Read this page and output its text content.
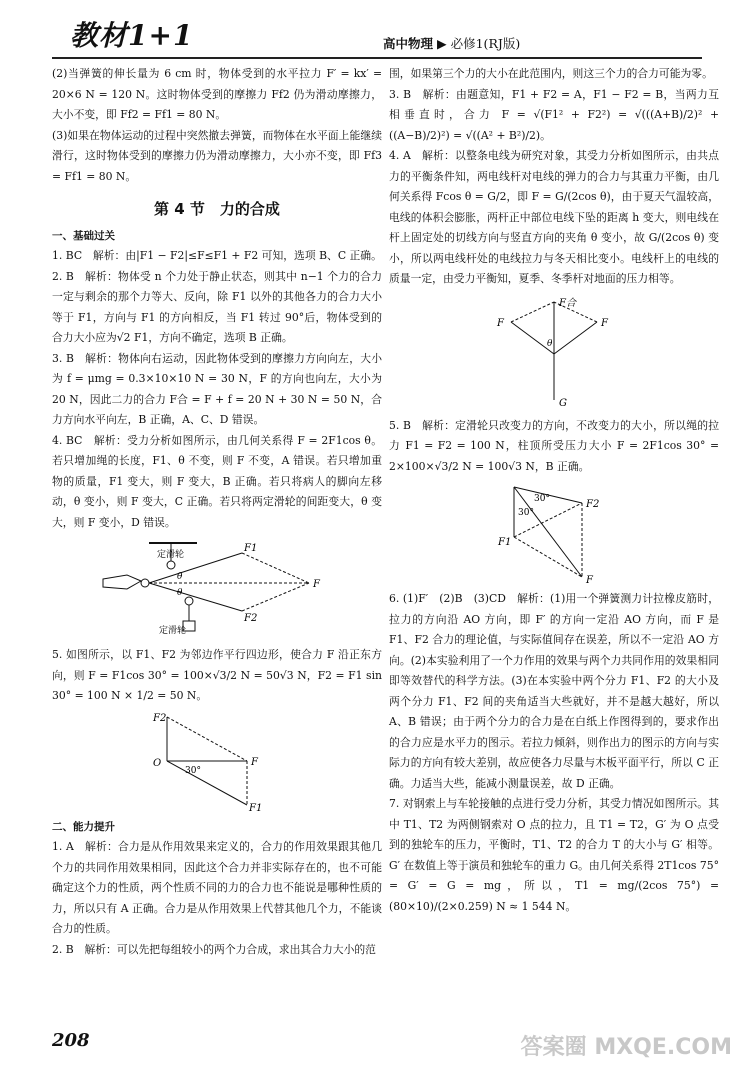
教材1+1	高中物理 ▶ 必修1(RJ版)

(2)当弹簧的伸长量为 6 cm 时，物体受到的水平拉力 F′ = kx′ = 20×6 N = 120 N。这时物体受到的摩擦力 Ff2 仍为滑动摩擦力，大小不变，即 Ff2 = Ff1 = 80 N。

(3)如果在物体运动的过程中突然撤去弹簧，而物体在水平面上能继续滑行，这时物体受到的摩擦力仍为滑动摩擦力，大小亦不变，即 Ff3 = Ff1 = 80 N。

第 4 节　力的合成

一、基础过关

1. BC　解析：由|F1 − F2|≤F≤F1 + F2 可知，选项 B、C 正确。

2. B　解析：物体受 n 个力处于静止状态，则其中 n−1 个力的合力一定与剩余的那个力等大、反向，除 F1 以外的其他各力的合力大小等于 F1，方向与 F1 的方向相反，当 F1 转过 90°后，物体受到的合力大小应为√2 F1，方向不确定，选项 B 正确。

3. B　解析：物体向右运动，因此物体受到的摩擦力方向向左，大小为 f = μmg = 0.3×10×10 N = 30 N，F 的方向也向左，大小为 20 N，因此二力的合力 F合 = F + f = 20 N + 30 N = 50 N，合力方向水平向左，B 正确，A、C、D 错误。

4. BC　解析：受力分析如图所示，由几何关系得 F = 2F1cos θ。若只增加绳的长度，F1、θ 不变，则 F 不变，A 错误。若只增加重物的质量，F1 变大，则 F 变大，B 正确。若只将病人的脚向左移动，θ 变小，则 F 变大，C 正确。若只将两定滑轮的间距变大，θ 变大，则 F 变小，D 错误。

定滑轮
定滑轮
F1
F2
F
θ
θ

5. 如图所示，以 F1、F2 为邻边作平行四边形，使合力 F 沿正东方向，则 F = F1cos 30° = 100×√3/2 N = 50√3 N，F2 = F1 sin 30° = 100 N × 1/2 = 50 N。

F2
O
30°
F
F1

二、能力提升

1. A　解析：合力是从作用效果来定义的，合力的作用效果跟其他几个力的共同作用效果相同，因此这个合力并非实际存在的，也不可能确定这个力的性质，两个性质不同的力的合力也不能说是哪种性质的力，所以只有 A 正确。合力是从作用效果上代替其他几个力，不能谈合力的性质。

2. B　解析：可以先把每组较小的两个力合成，求出其合力大小的范

围，如果第三个力的大小在此范围内，则这三个力的合力可能为零。

3. B　解析：由题意知，F1 + F2 = A，F1 − F2 = B，当两力互相垂直时，合力 F = √(F1² + F2²) = √(((A+B)/2)² + ((A−B)/2)²) = √((A² + B²)/2)。

4. A　解析：以整条电线为研究对象，其受力分析如图所示，由共点力的平衡条件知，两电线杆对电线的弹力的合力与其重力平衡，由几何关系得 Fcos θ = G/2，即 F = G/(2cos θ)，由于夏天气温较高，电线的体积会膨胀，两杆正中部位电线下坠的距离 h 变大，则电线在杆上固定处的切线方向与竖直方向的夹角 θ 变小，故 G/(2cos θ) 变小，所以两电线杆处的电线拉力与冬天相比变小。电线杆上的电线的质量一定，由受力平衡知，夏季、冬季杆对地面的压力相等。

F合
F	F
θ
G

5. B　解析：定滑轮只改变力的方向，不改变力的大小，所以绳的拉力 F1 = F2 = 100 N，柱顶所受压力大小 F = 2F1cos 30° = 2×100×√3/2 N = 100√3 N，B 正确。

30°
30°
F2
F1
F

6. (1)F′　(2)B　(3)CD　解析：(1)用一个弹簧测力计拉橡皮筋时，拉力的方向沿 AO 方向，即 F′ 的方向一定沿 AO 方向，而 F 是 F1、F2 合力的理论值，与实际值间存在误差，所以不一定沿 AO 方向。(2)本实验利用了一个力作用的效果与两个力共同作用的效果相同即等效替代的科学方法。(3)在本实验中两个分力 F1、F2 的大小及两个分力 F1、F2 间的夹角适当大些就好，并不是越大越好，所以 A、B 错误；由于两个分力的合力是在白纸上作图得到的，要求作出的合力应是水平力的图示。若拉力倾斜，则作出力的图示的方向与实际力的方向有较大差别，故应使各力尽量与木板平面平行，所以 C 正确。力适当大些，能减小测量误差，故 D 正确。

7. 对钢索上与车轮接触的点进行受力分析，其受力情况如图所示。其中 T1、T2 为两侧钢索对 O 点的拉力，且 T1 = T2，G′ 为 O 点受到的独轮车的压力，平衡时，T1、T2 的合力 T 的大小与 G′ 相等。G′ 在数值上等于演员和独轮车的重力 G。由几何关系得 2T1cos 75° = G′ = G = mg，所以，T1 = mg/(2cos 75°) = (80×10)/(2×0.259) N ≈ 1 544 N。

208	答案圈 MXQE.COM
